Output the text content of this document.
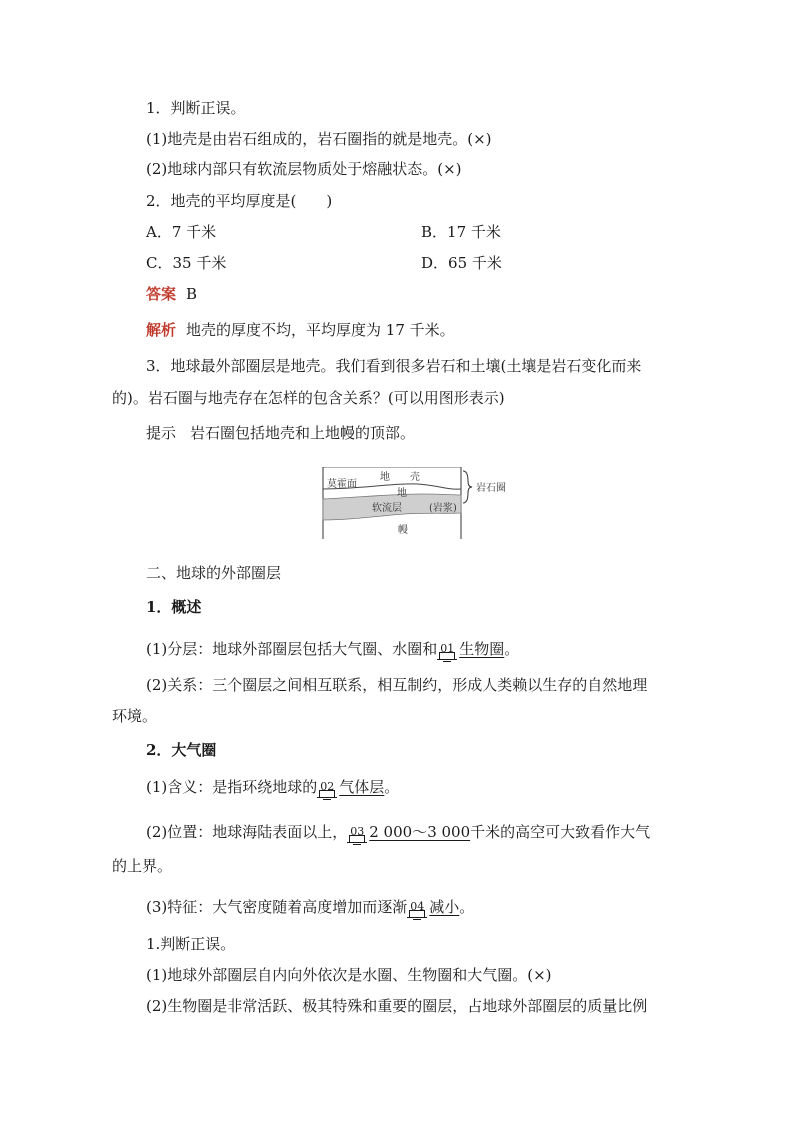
1．判断正误。
(1)地壳是由岩石组成的，岩石圈指的就是地壳。(×)
(2)地球内部只有软流层物质处于熔融状态。(×)
2．地壳的平均厚度是(　　)
A．7 千米	B．17 千米
C．35 千米	D．65 千米
答案 B
解析 地壳的厚度不均，平均厚度为 17 千米。
3．地球最外部圈层是地壳。我们看到很多岩石和土壤(土壤是岩石变化而来
的)。岩石圈与地壳存在怎样的包含关系？(可以用图形表示)
提示 岩石圈包括地壳和上地幔的顶部。
莫霍面
地　　壳
地
软流层	(岩浆)
幔
岩石圈
二、地球的外部圈层
1．概述
(1)分层：地球外部圈层包括大气圈、水圈和 01 生物圈
。
(2)关系：三个圈层之间相互联系，相互制约，形成人类赖以生存的自然地理
环境。
2．大气圈
(1)含义：是指环绕地球的 02 气体层
。
(2)位置：地球海陆表面以上， 03 2 000～3 000
千米的高空可大致看作大气
的上界。
(3)特征：大气密度随着高度增加而逐渐 04 减小
。
1.判断正误。
(1)地球外部圈层自内向外依次是水圈、生物圈和大气圈。(×)
(2)生物圈是非常活跃、极其特殊和重要的圈层，占地球外部圈层的质量比例
